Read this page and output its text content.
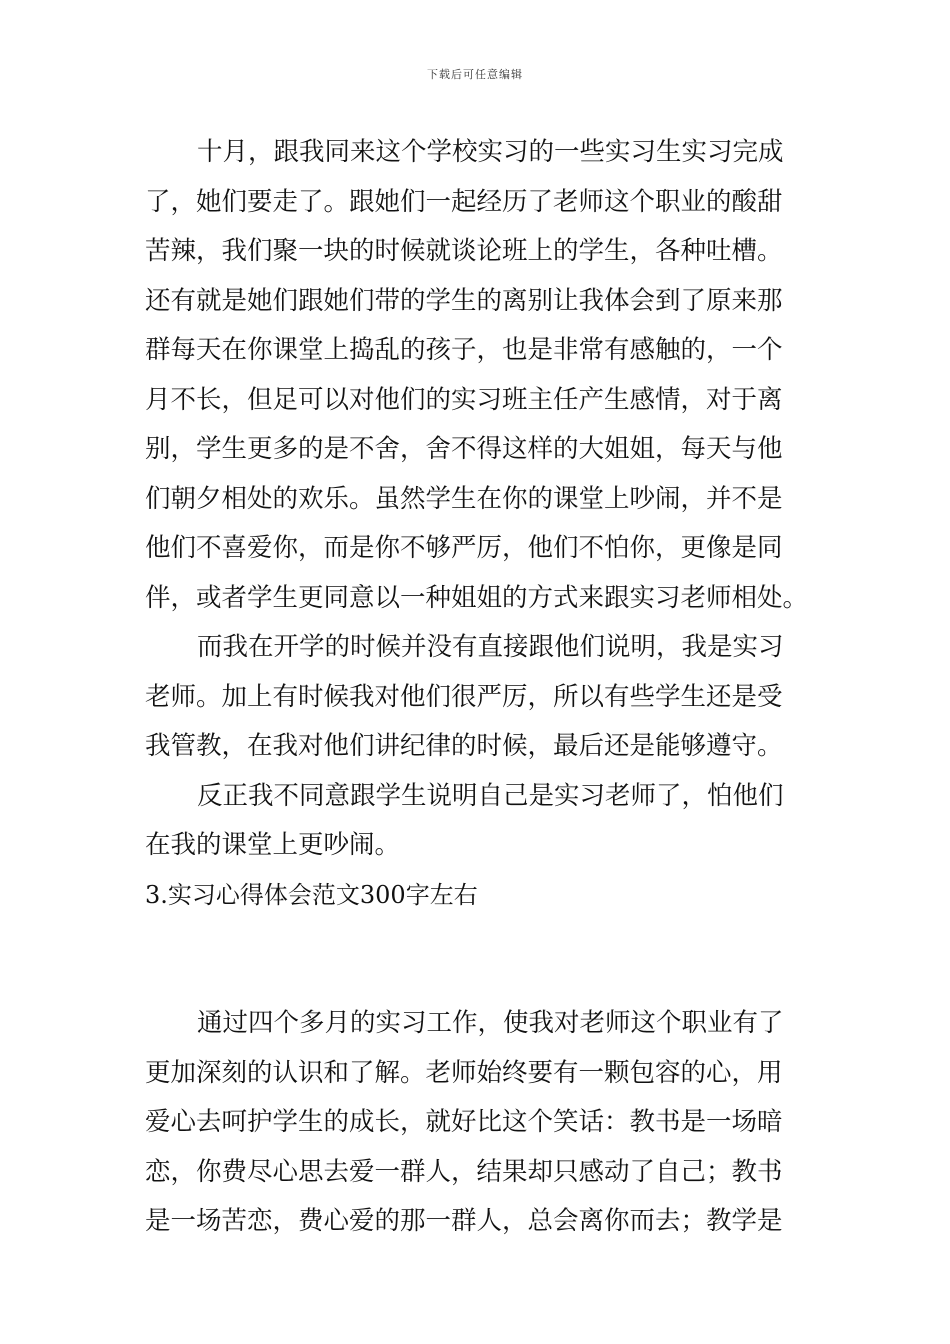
下载后可任意编辑
十月，跟我同来这个学校实习的一些实习生实习完成
了，她们要走了。跟她们一起经历了老师这个职业的酸甜
苦辣，我们聚一块的时候就谈论班上的学生，各种吐槽。
还有就是她们跟她们带的学生的离别让我体会到了原来那
群每天在你课堂上捣乱的孩子，也是非常有感触的，一个
月不长，但足可以对他们的实习班主任产生感情，对于离
别，学生更多的是不舍，舍不得这样的大姐姐，每天与他
们朝夕相处的欢乐。虽然学生在你的课堂上吵闹，并不是
他们不喜爱你，而是你不够严厉，他们不怕你，更像是同
伴，或者学生更同意以一种姐姐的方式来跟实习老师相处。
而我在开学的时候并没有直接跟他们说明，我是实习
老师。加上有时候我对他们很严厉，所以有些学生还是受
我管教，在我对他们讲纪律的时候，最后还是能够遵守。
反正我不同意跟学生说明自己是实习老师了，怕他们
在我的课堂上更吵闹。
3.实习心得体会范文300字左右
通过四个多月的实习工作，使我对老师这个职业有了
更加深刻的认识和了解。老师始终要有一颗包容的心，用
爱心去呵护学生的成长，就好比这个笑话：教书是一场暗
恋，你费尽心思去爱一群人，结果却只感动了自己；教书
是一场苦恋，费心爱的那一群人，总会离你而去；教学是
